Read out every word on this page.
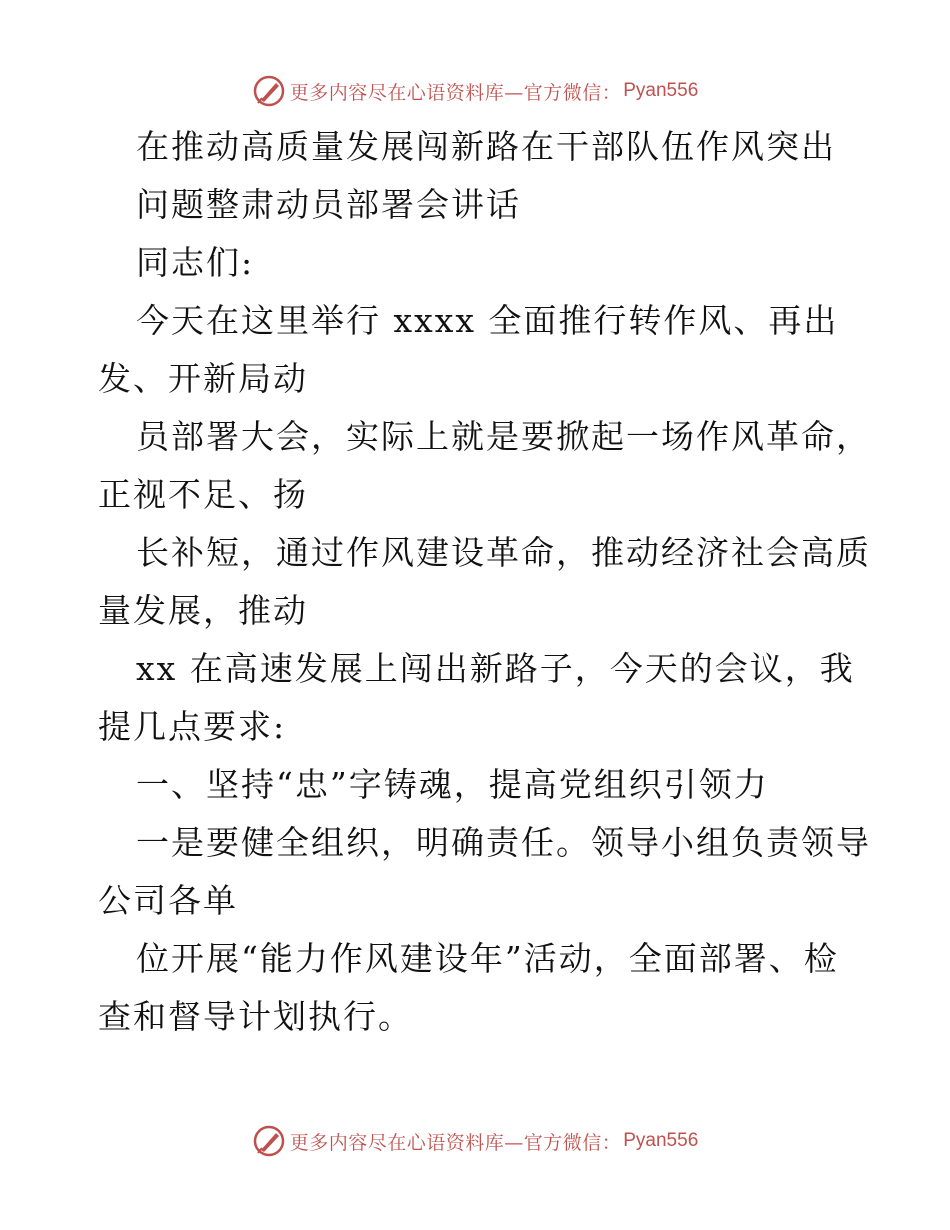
更多内容尽在心语资料库—官方微信： Pyan556
在推动高质量发展闯新路在干部队伍作风突出
问题整肃动员部署会讲话
同志们:
今天在这里举行 xxxx 全面推行转作风、再出
发、开新局动
员部署大会，实际上就是要掀起一场作风革命，
正视不足、扬
长补短，通过作风建设革命，推动经济社会高质
量发展，推动
xx 在高速发展上闯出新路子，今天的会议，我
提几点要求:
一、坚持“忠”字铸魂，提高党组织引领力
一是要健全组织，明确责任。领导小组负责领导
公司各单
位开展“能力作风建设年”活动，全面部署、检
查和督导计划执行。
更多内容尽在心语资料库—官方微信： Pyan556
